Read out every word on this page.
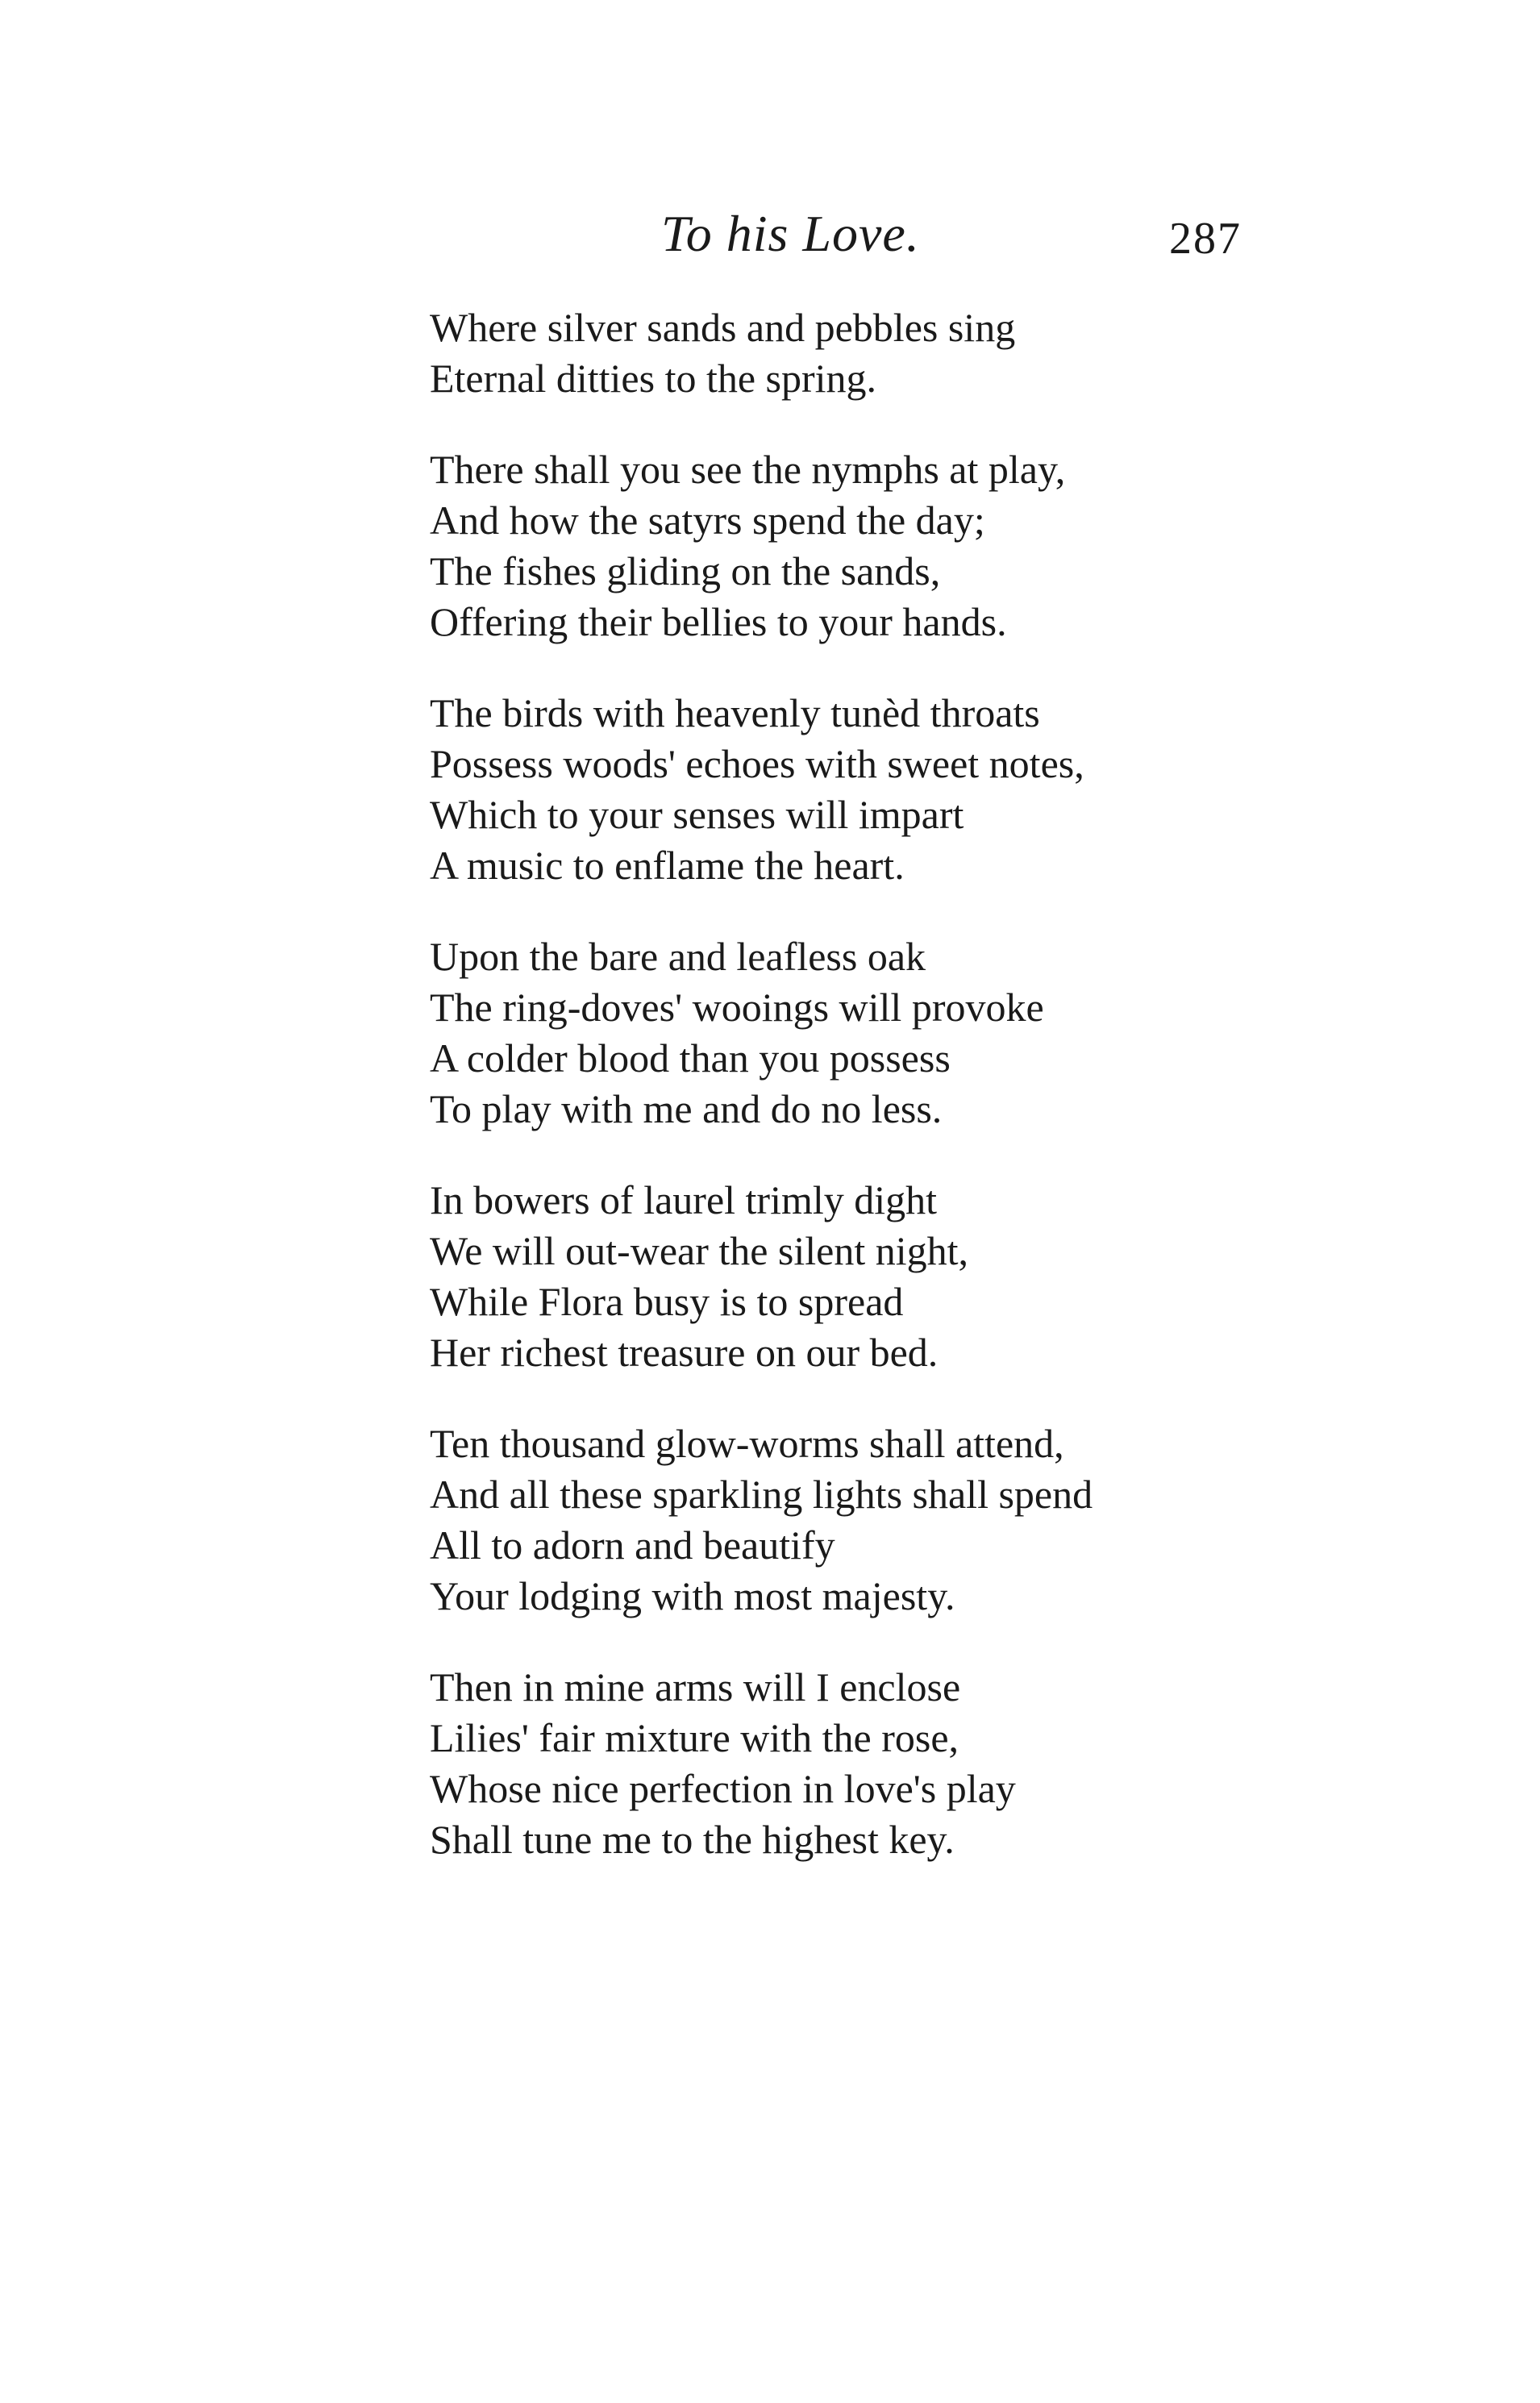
To his Love.	287
Where silver sands and pebbles sing
Eternal ditties to the spring.
There shall you see the nymphs at play,
And how the satyrs spend the day;
The fishes gliding on the sands,
Offering their bellies to your hands.
The birds with heavenly tunèd throats
Possess woods' echoes with sweet notes,
Which to your senses will impart
A music to enflame the heart.
Upon the bare and leafless oak
The ring-doves' wooings will provoke
A colder blood than you possess
To play with me and do no less.
In bowers of laurel trimly dight
We will out-wear the silent night,
While Flora busy is to spread
Her richest treasure on our bed.
Ten thousand glow-worms shall attend,
And all these sparkling lights shall spend
All to adorn and beautify
Your lodging with most majesty.
Then in mine arms will I enclose
Lilies' fair mixture with the rose,
Whose nice perfection in love's play
Shall tune me to the highest key.
